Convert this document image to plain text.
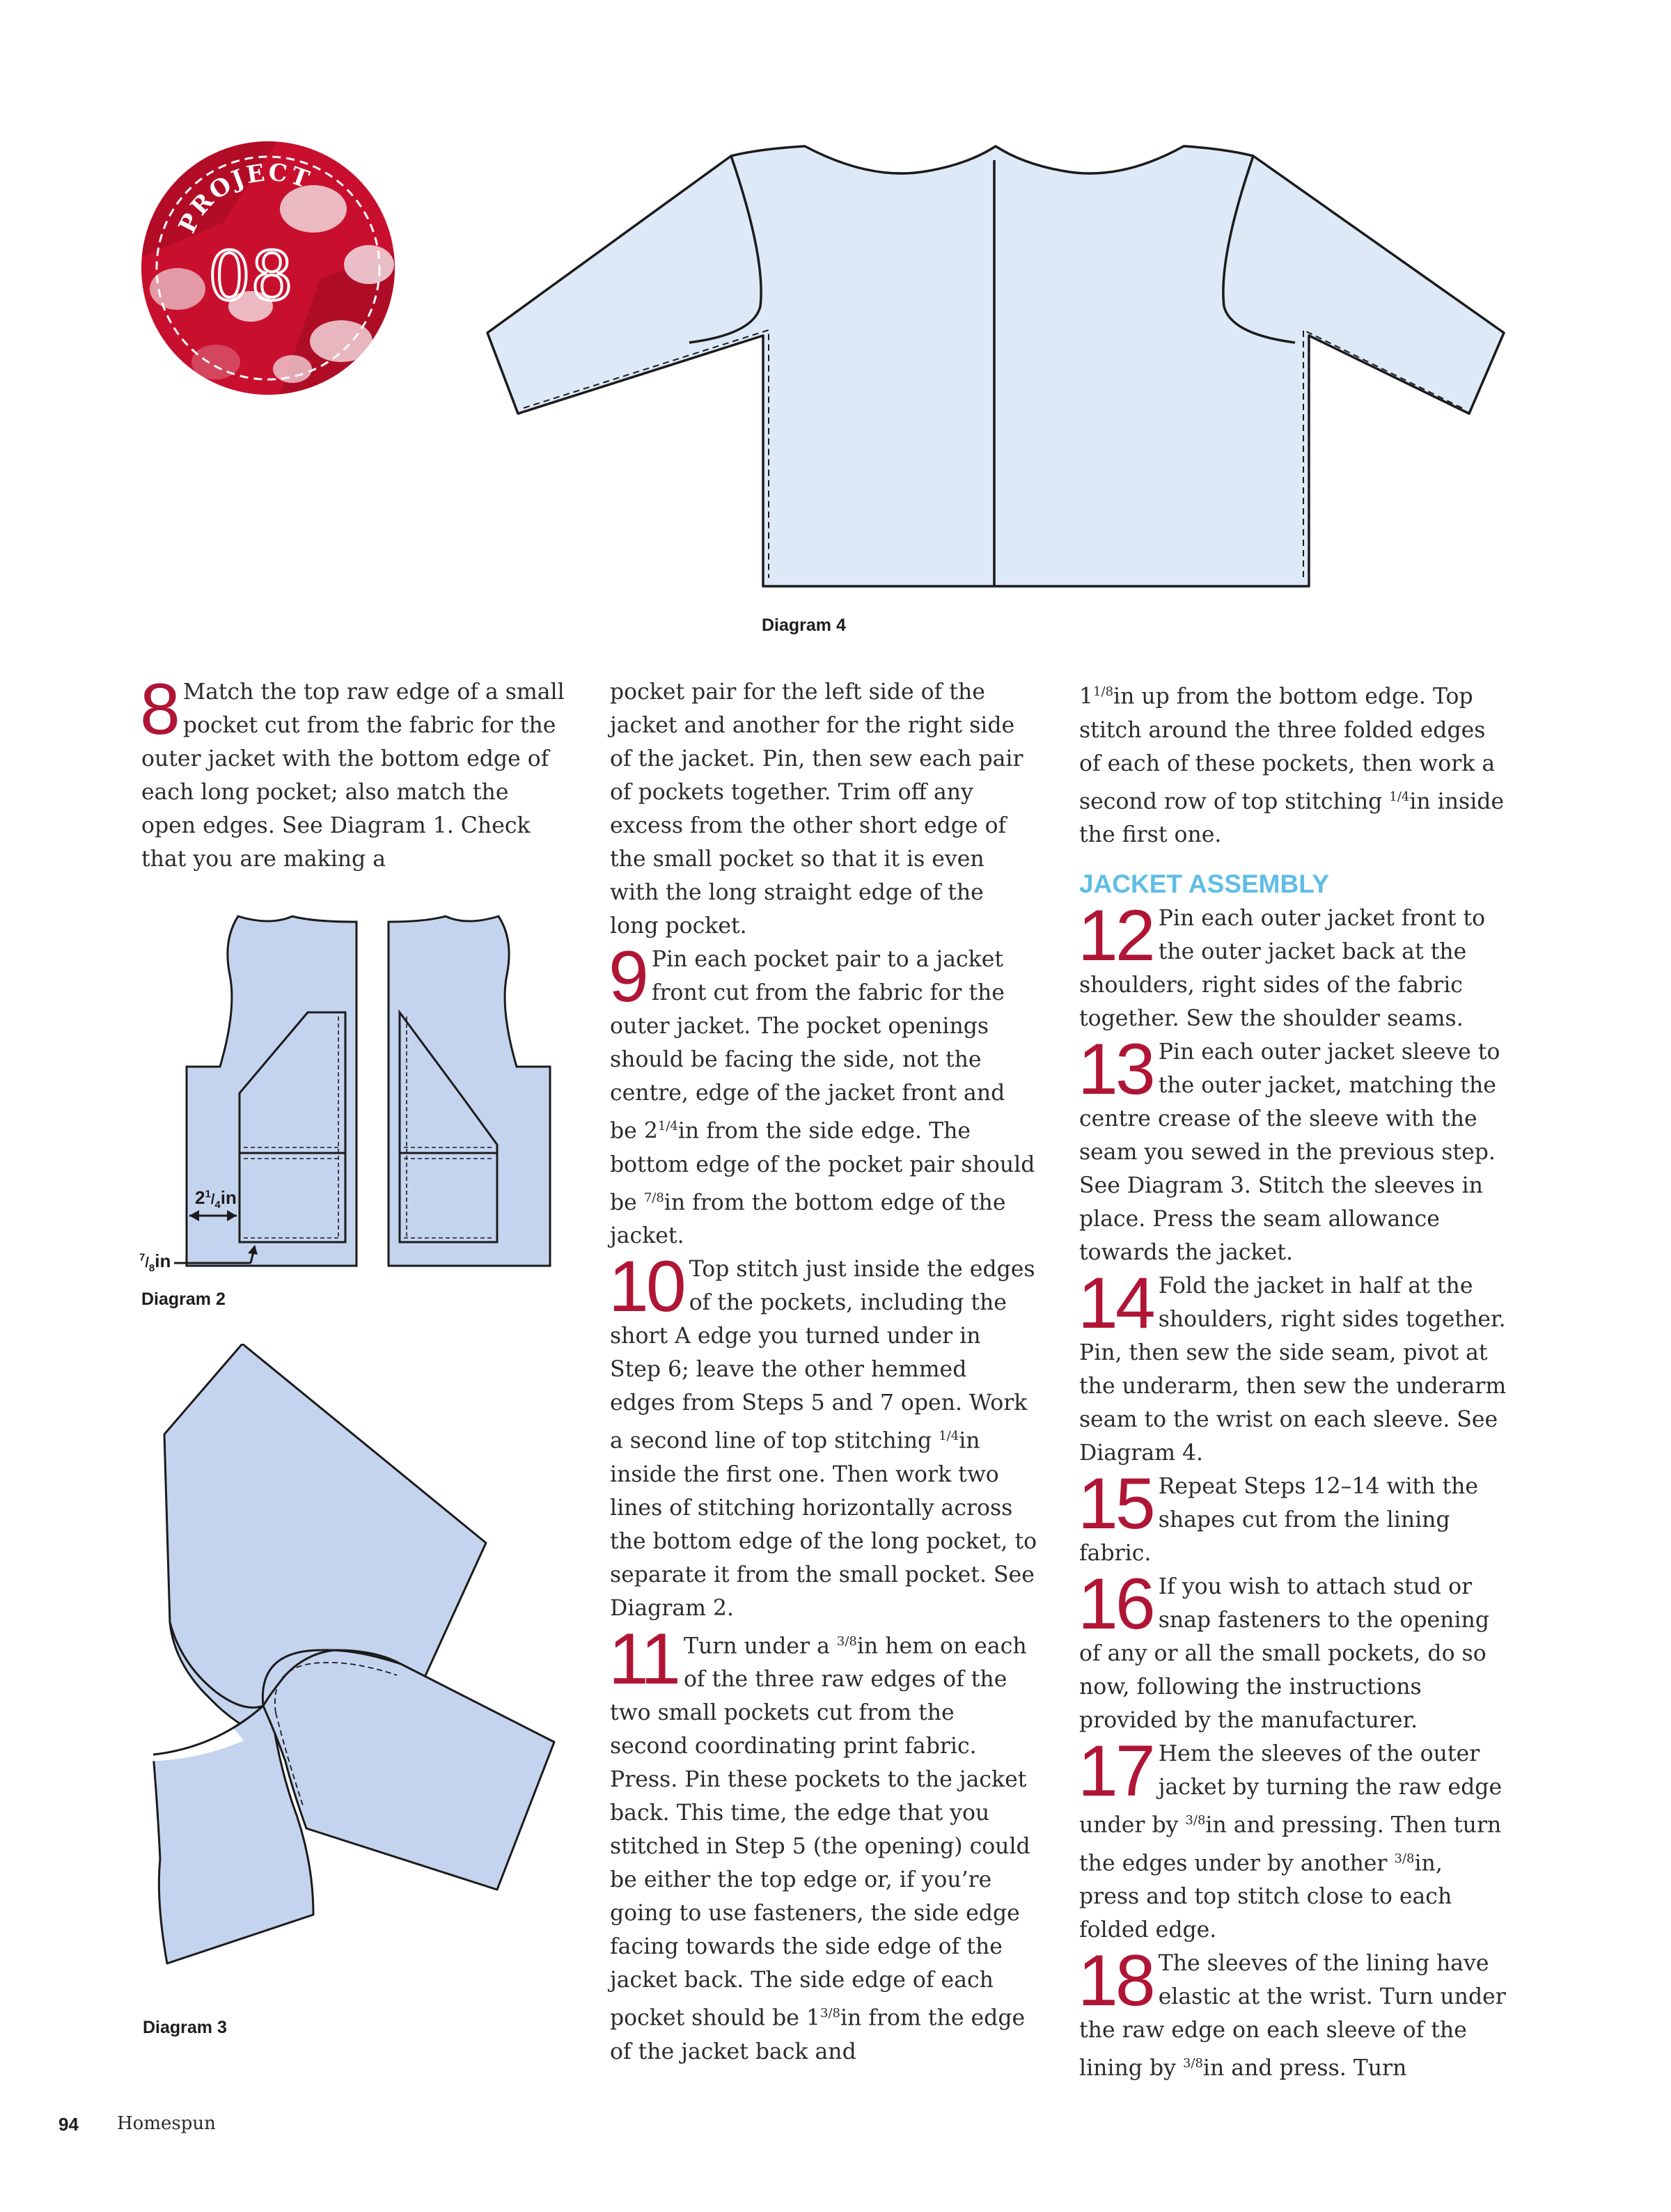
PROJECT
08
Diagram 4
$2^1/_4in$
$^7/_8in$
Diagram 2
Diagram 3
8 Match the top raw edge of a small pocket cut from the fabric for the outer jacket with the bottom edge of each long pocket; also match the open edges. See Diagram 1. Check that you are making a

pocket pair for the left side of the jacket and another for the right side of the jacket. Pin, then sew each pair of pockets together. Trim off any excess from the other short edge of the small pocket so that it is even with the long straight edge of the long pocket.

9 Pin each pocket pair to a jacket front cut from the fabric for the outer jacket. The pocket openings should be facing the side, not the centre, edge of the jacket front and be $2^{1/4}in$ from the side edge. The bottom edge of the pocket pair should be $^{7/8}$in from the bottom edge of the jacket.
10 Top stitch just inside the edges of the pockets, including the short A edge you turned under in Step 6; leave the other hemmed edges from Steps 5 and 7 open. Work a second line of top stitching $^{1/4}$in inside the first one. Then work two lines of stitching horizontally across the bottom edge of the long pocket, to separate it from the small pocket. See Diagram 2.
11 Turn under a $^{3/8}$in hem on each of the three raw edges of the two small pockets cut from the second coordinating print fabric. Press. Pin these pockets to the jacket back. This time, the edge that you stitched in Step 5 (the opening) could be either the top edge or, if you’re going to use fasteners, the side edge facing towards the side edge of the jacket back. The side edge of each pocket should be $1^{3/8}in$ from the edge of the jacket back and

$1^{1/8}in$ up from the bottom edge. Top stitch around the three folded edges of each of these pockets, then work a second row of top stitching $^{1/4}$in inside the first one.

JACKET ASSEMBLY
12 Pin each outer jacket front to the outer jacket back at the shoulders, right sides of the fabric together. Sew the shoulder seams.
13 Pin each outer jacket sleeve to the outer jacket, matching the centre crease of the sleeve with the seam you sewed in the previous step. See Diagram 3. Stitch the sleeves in place. Press the seam allowance towards the jacket.
14 Fold the jacket in half at the shoulders, right sides together. Pin, then sew the side seam, pivot at the underarm, then sew the underarm seam to the wrist on each sleeve. See Diagram 4.
15 Repeat Steps 12–14 with the shapes cut from the lining fabric.
16 If you wish to attach stud or snap fasteners to the opening of any or all the small pockets, do so now, following the instructions provided by the manufacturer.
17 Hem the sleeves of the outer jacket by turning the raw edge under by $^{3/8}$in and pressing. Then turn the edges under by another $^{3/8}$in, press and top stitch close to each folded edge.
18 The sleeves of the lining have elastic at the wrist. Turn under the raw edge on each sleeve of the lining by $^{3/8}$in and press. Turn
94 Homespun
